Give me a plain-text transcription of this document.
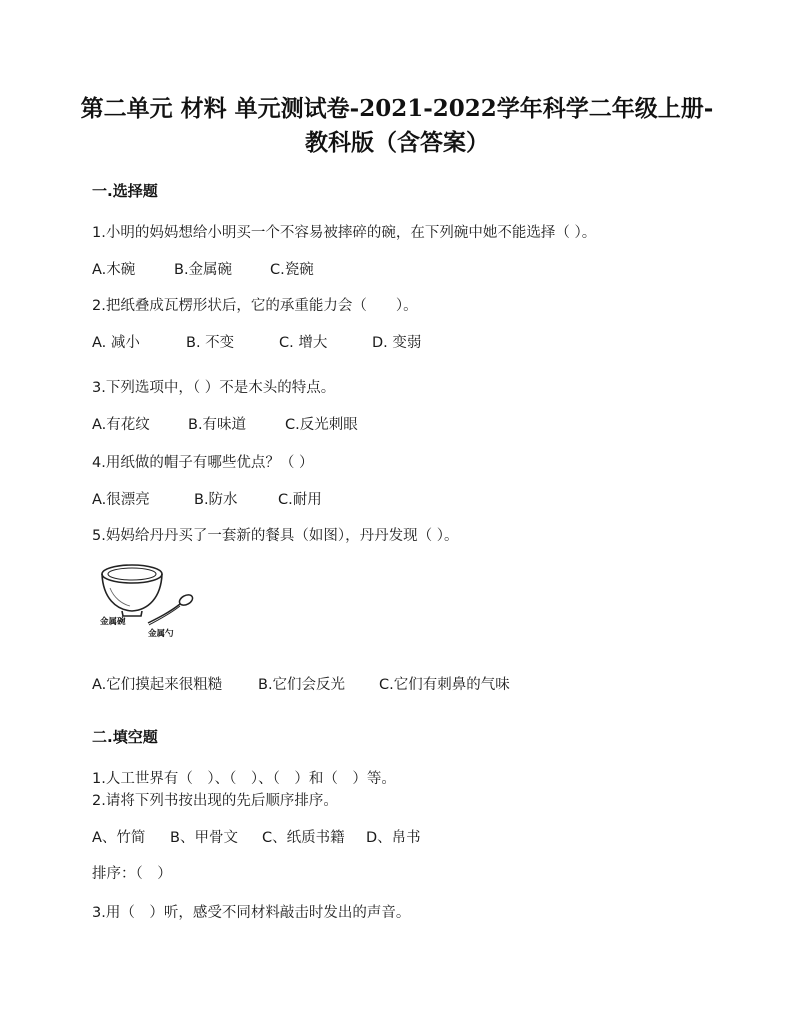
第二单元 材料 单元测试卷-2021-2022学年科学二年级上册-
教科版（含答案）
一.选择题
1.小明的妈妈想给小明买一个不容易被摔碎的碗，在下列碗中她不能选择（ ）。
A.木碗	B.金属碗	C.瓷碗
2.把纸叠成瓦楞形状后，它的承重能力会（　　）。
A. 减小	B. 不变	C. 增大	D. 变弱
3.下列选项中，（ ）不是木头的特点。
A.有花纹	B.有味道	C.反光刺眼
4.用纸做的帽子有哪些优点？（ ）
A.很漂亮	B.防水	C.耐用
5.妈妈给丹丹买了一套新的餐具（如图），丹丹发现（ ）。
金属碗
金属勺
A.它们摸起来很粗糙 B.它们会反光 C.它们有刺鼻的气味
二.填空题
1.人工世界有（　）、（　）、（　）和（　）等。
2.请将下列书按出现的先后顺序排序。
A、竹简 B、甲骨文 C、纸质书籍 D、帛书
排序：（　）
3.用（　）听，感受不同材料敲击时发出的声音。
